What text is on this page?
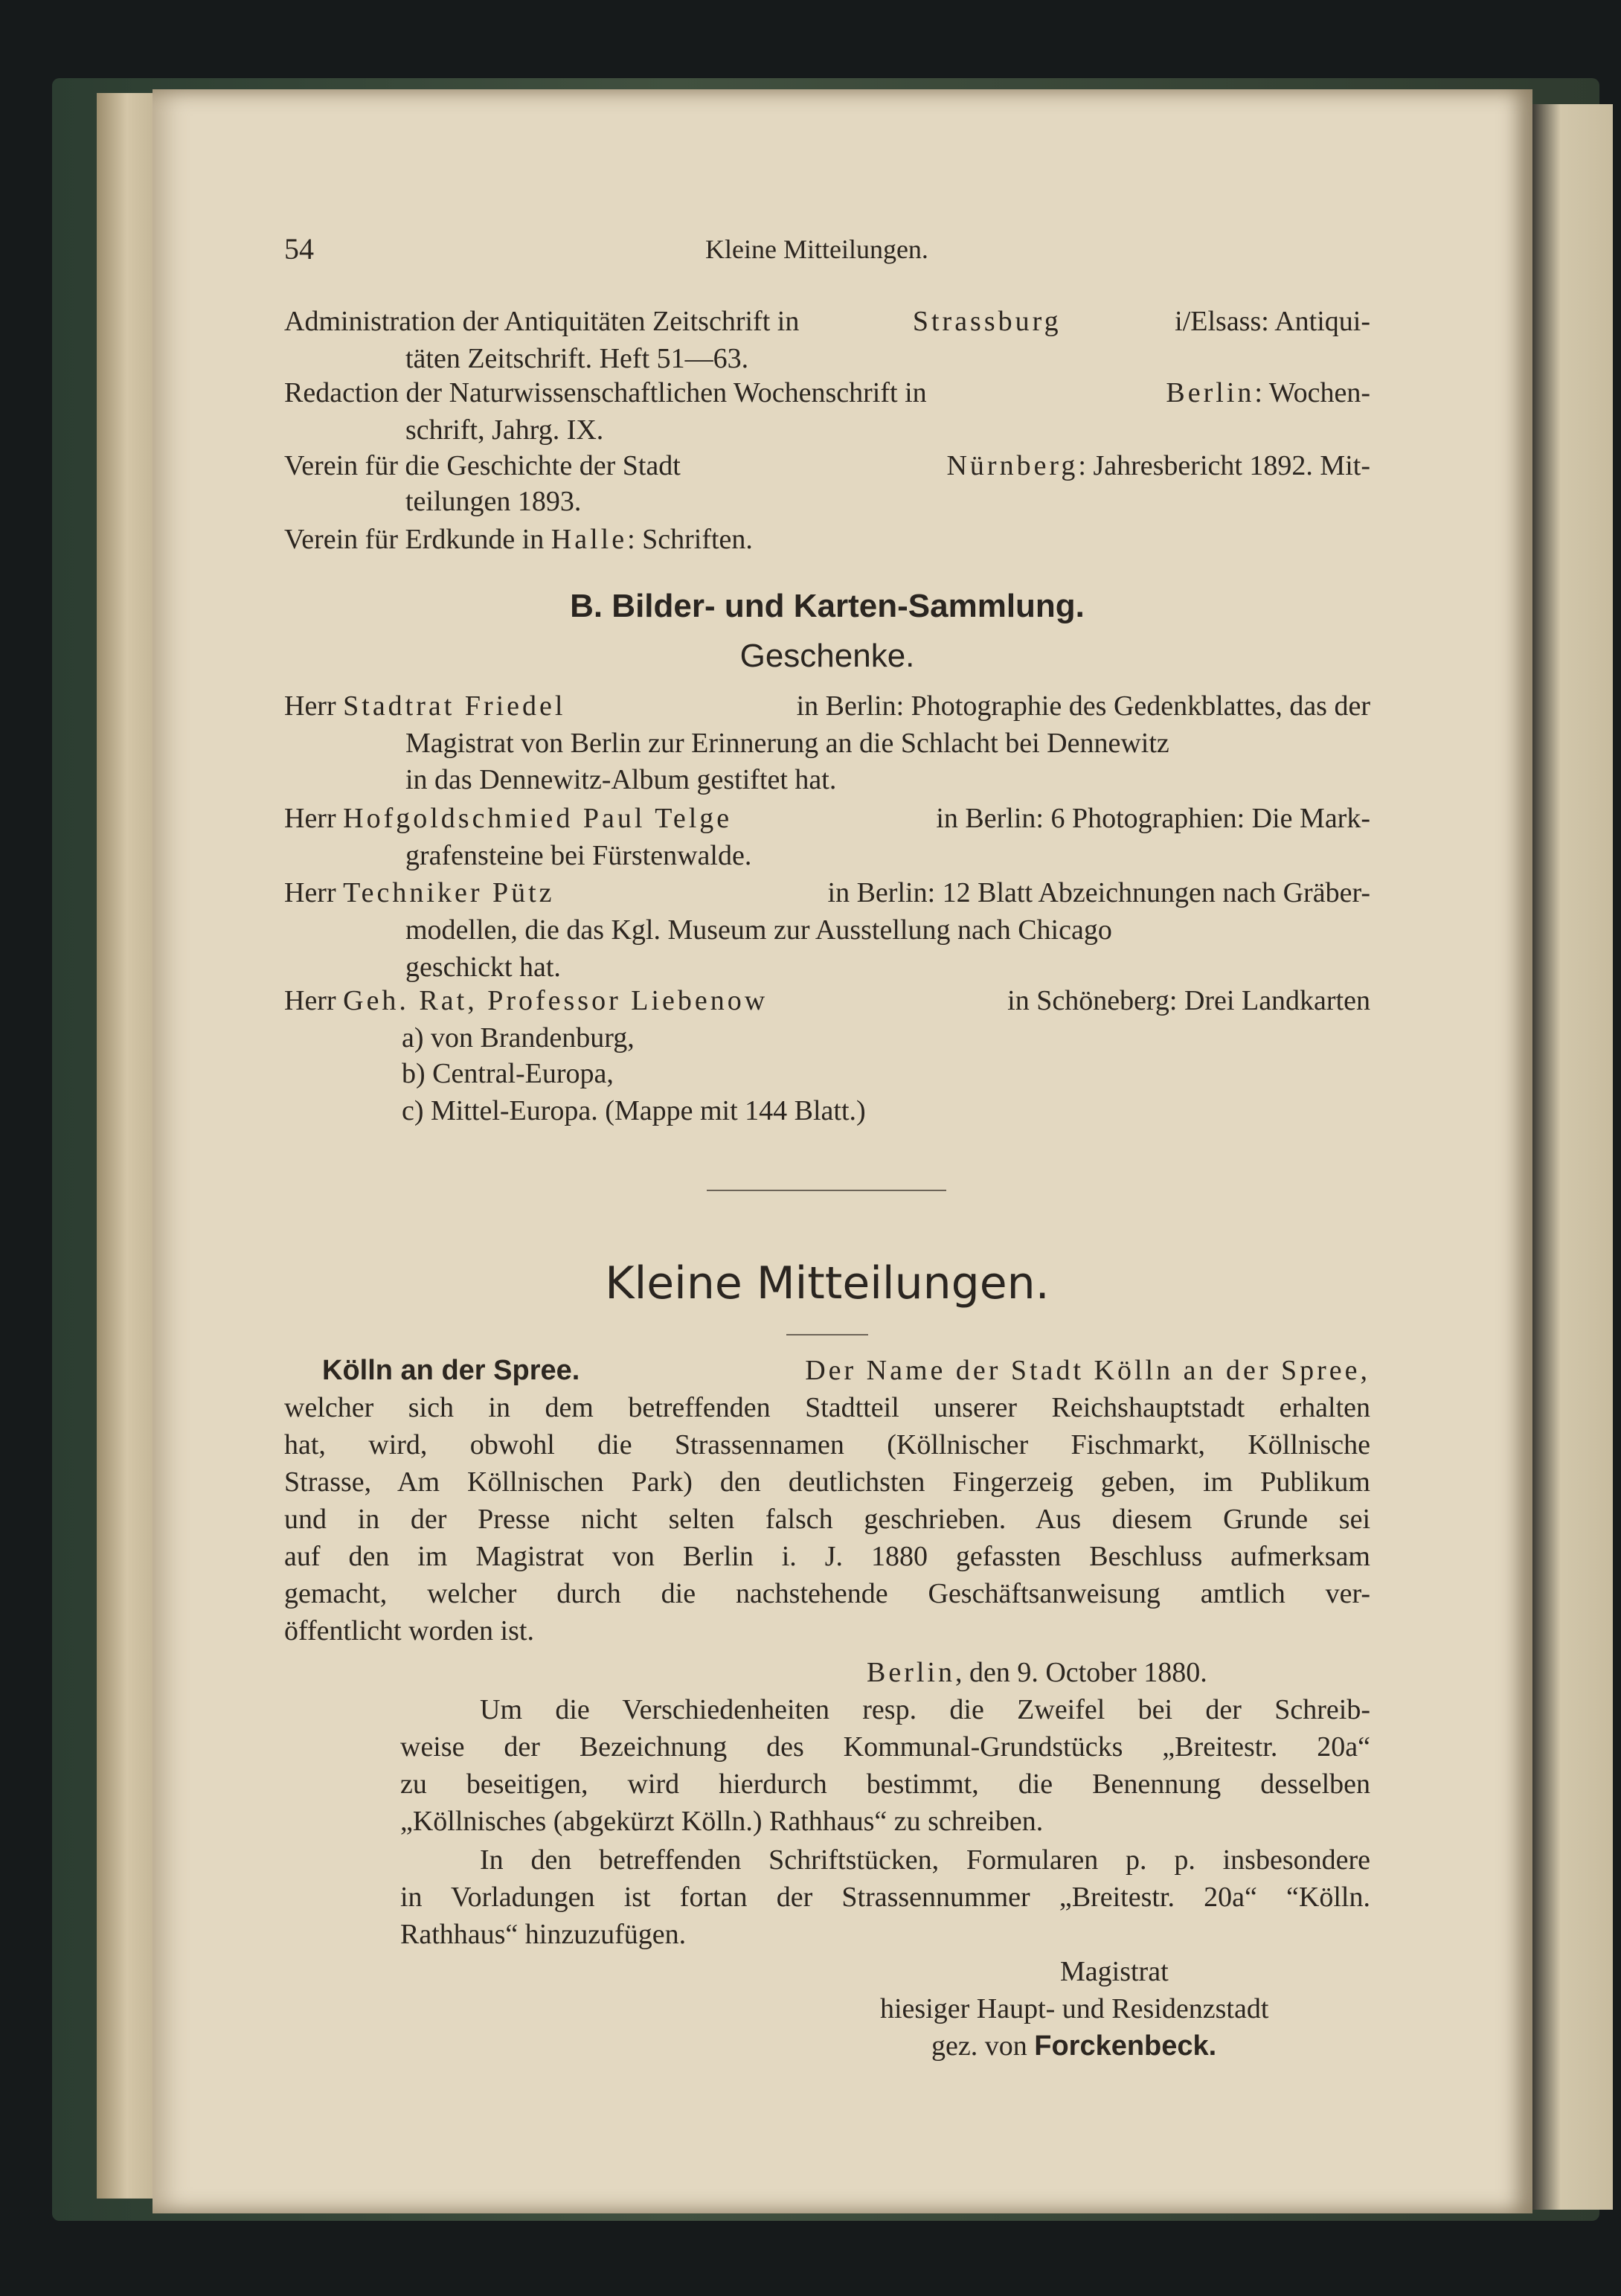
54	Kleine Mitteilungen.
Administration der Antiquitäten Zeitschrift in	Strassburg	i/Elsass: Antiqui-
täten Zeitschrift. Heft 51—63.
Redaction der Naturwissenschaftlichen Wochenschrift in	Berlin : Wochen-
schrift, Jahrg. IX.
Verein für die Geschichte der Stadt	Nürnberg : Jahresbericht 1892. Mit-
teilungen 1893.
Verein für Erdkunde in Halle: Schriften.
B. Bilder- und Karten-Sammlung.
Geschenke.
Herr Stadtrat Friedel	in Berlin: Photographie des Gedenkblattes, das der
Magistrat von Berlin zur Erinnerung an die Schlacht bei Dennewitz
in das Dennewitz-Album gestiftet hat.
Herr Hofgoldschmied Paul Telge	in Berlin: 6 Photographien: Die Mark-
grafensteine bei Fürstenwalde.
Herr Techniker Pütz	in Berlin: 12 Blatt Abzeichnungen nach Gräber-
modellen, die das Kgl. Museum zur Ausstellung nach Chicago
geschickt hat.
Herr Geh. Rat, Professor Liebenow	in Schöneberg: Drei Landkarten
a) von Brandenburg,
b) Central-Europa,
c) Mittel-Europa. (Mappe mit 144 Blatt.)
Kleine Mitteilungen.
Kölln an der Spree.	Der Name der Stadt Kölln an der Spree,
welcher sich in dem betreffenden Stadtteil unserer Reichshauptstadt erhalten
hat, wird, obwohl die Strassennamen (Köllnischer Fischmarkt, Köllnische
Strasse, Am Köllnischen Park) den deutlichsten Fingerzeig geben, im Publikum
und in der Presse nicht selten falsch geschrieben. Aus diesem Grunde sei
auf den im Magistrat von Berlin i. J. 1880 gefassten Beschluss aufmerksam
gemacht, welcher durch die nachstehende Geschäftsanweisung amtlich ver-
öffentlicht worden ist.
Berlin, den 9. October 1880.
Um die Verschiedenheiten resp. die Zweifel bei der Schreib-
weise der Bezeichnung des Kommunal-Grundstücks „Breitestr. 20a“
zu beseitigen, wird hierdurch bestimmt, die Benennung desselben
„Köllnisches (abgekürzt Kölln.) Rathhaus“ zu schreiben.
In den betreffenden Schriftstücken, Formularen p. p. insbesondere
in Vorladungen ist fortan der Strassennummer „Breitestr. 20a“ “Kölln.
Rathhaus“ hinzuzufügen.
Magistrat
hiesiger Haupt- und Residenzstadt
gez. von Forckenbeck.
